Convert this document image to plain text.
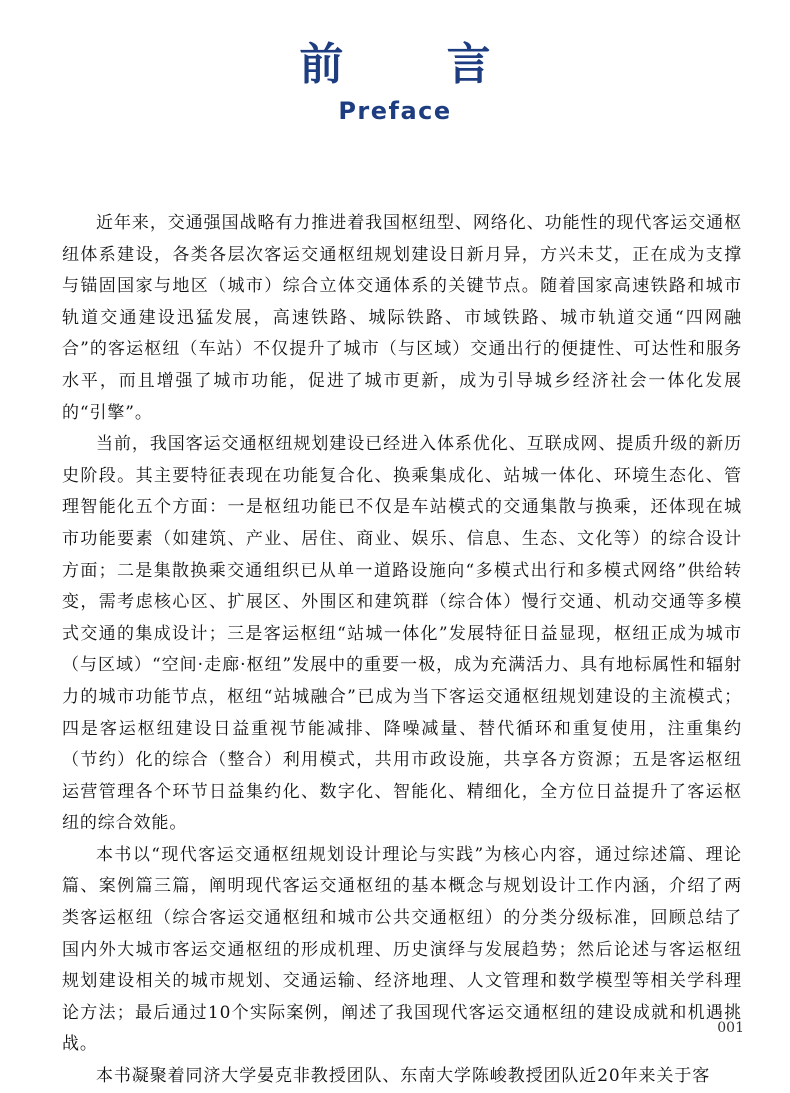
前 言
Preface

近年来，交通强国战略有力推进着我国枢纽型、网络化、功能性的现代客运交通枢纽体系建设，各类各层次客运交通枢纽规划建设日新月异，方兴未艾，正在成为支撑与锚固国家与地区（城市）综合立体交通体系的关键节点。随着国家高速铁路和城市轨道交通建设迅猛发展，高速铁路、城际铁路、市域铁路、城市轨道交通“四网融合”的客运枢纽（车站）不仅提升了城市（与区域）交通出行的便捷性、可达性和服务水平，而且增强了城市功能，促进了城市更新，成为引导城乡经济社会一体化发展的“引擎”。

当前，我国客运交通枢纽规划建设已经进入体系优化、互联成网、提质升级的新历史阶段。其主要特征表现在功能复合化、换乘集成化、站城一体化、环境生态化、管理智能化五个方面：一是枢纽功能已不仅是车站模式的交通集散与换乘，还体现在城市功能要素（如建筑、产业、居住、商业、娱乐、信息、生态、文化等）的综合设计方面；二是集散换乘交通组织已从单一道路设施向“多模式出行和多模式网络”供给转变，需考虑核心区、扩展区、外围区和建筑群（综合体）慢行交通、机动交通等多模式交通的集成设计；三是客运枢纽“站城一体化”发展特征日益显现，枢纽正成为城市（与区域）“空间·走廊·枢纽”发展中的重要一极，成为充满活力、具有地标属性和辐射力的城市功能节点，枢纽“站城融合”已成为当下客运交通枢纽规划建设的主流模式；四是客运枢纽建设日益重视节能减排、降噪减量、替代循环和重复使用，注重集约（节约）化的综合（整合）利用模式，共用市政设施，共享各方资源；五是客运枢纽运营管理各个环节日益集约化、数字化、智能化、精细化，全方位日益提升了客运枢纽的综合效能。

本书以“现代客运交通枢纽规划设计理论与实践”为核心内容，通过综述篇、理论篇、案例篇三篇，阐明现代客运交通枢纽的基本概念与规划设计工作内涵，介绍了两类客运枢纽（综合客运交通枢纽和城市公共交通枢纽）的分类分级标准，回顾总结了国内外大城市客运交通枢纽的形成机理、历史演绎与发展趋势；然后论述与客运枢纽规划建设相关的城市规划、交通运输、经济地理、人文管理和数学模型等相关学科理论方法；最后通过10个实际案例，阐述了我国现代客运交通枢纽的建设成就和机遇挑战。

本书凝聚着同济大学晏克非教授团队、东南大学陈峻教授团队近20年来关于客

001
